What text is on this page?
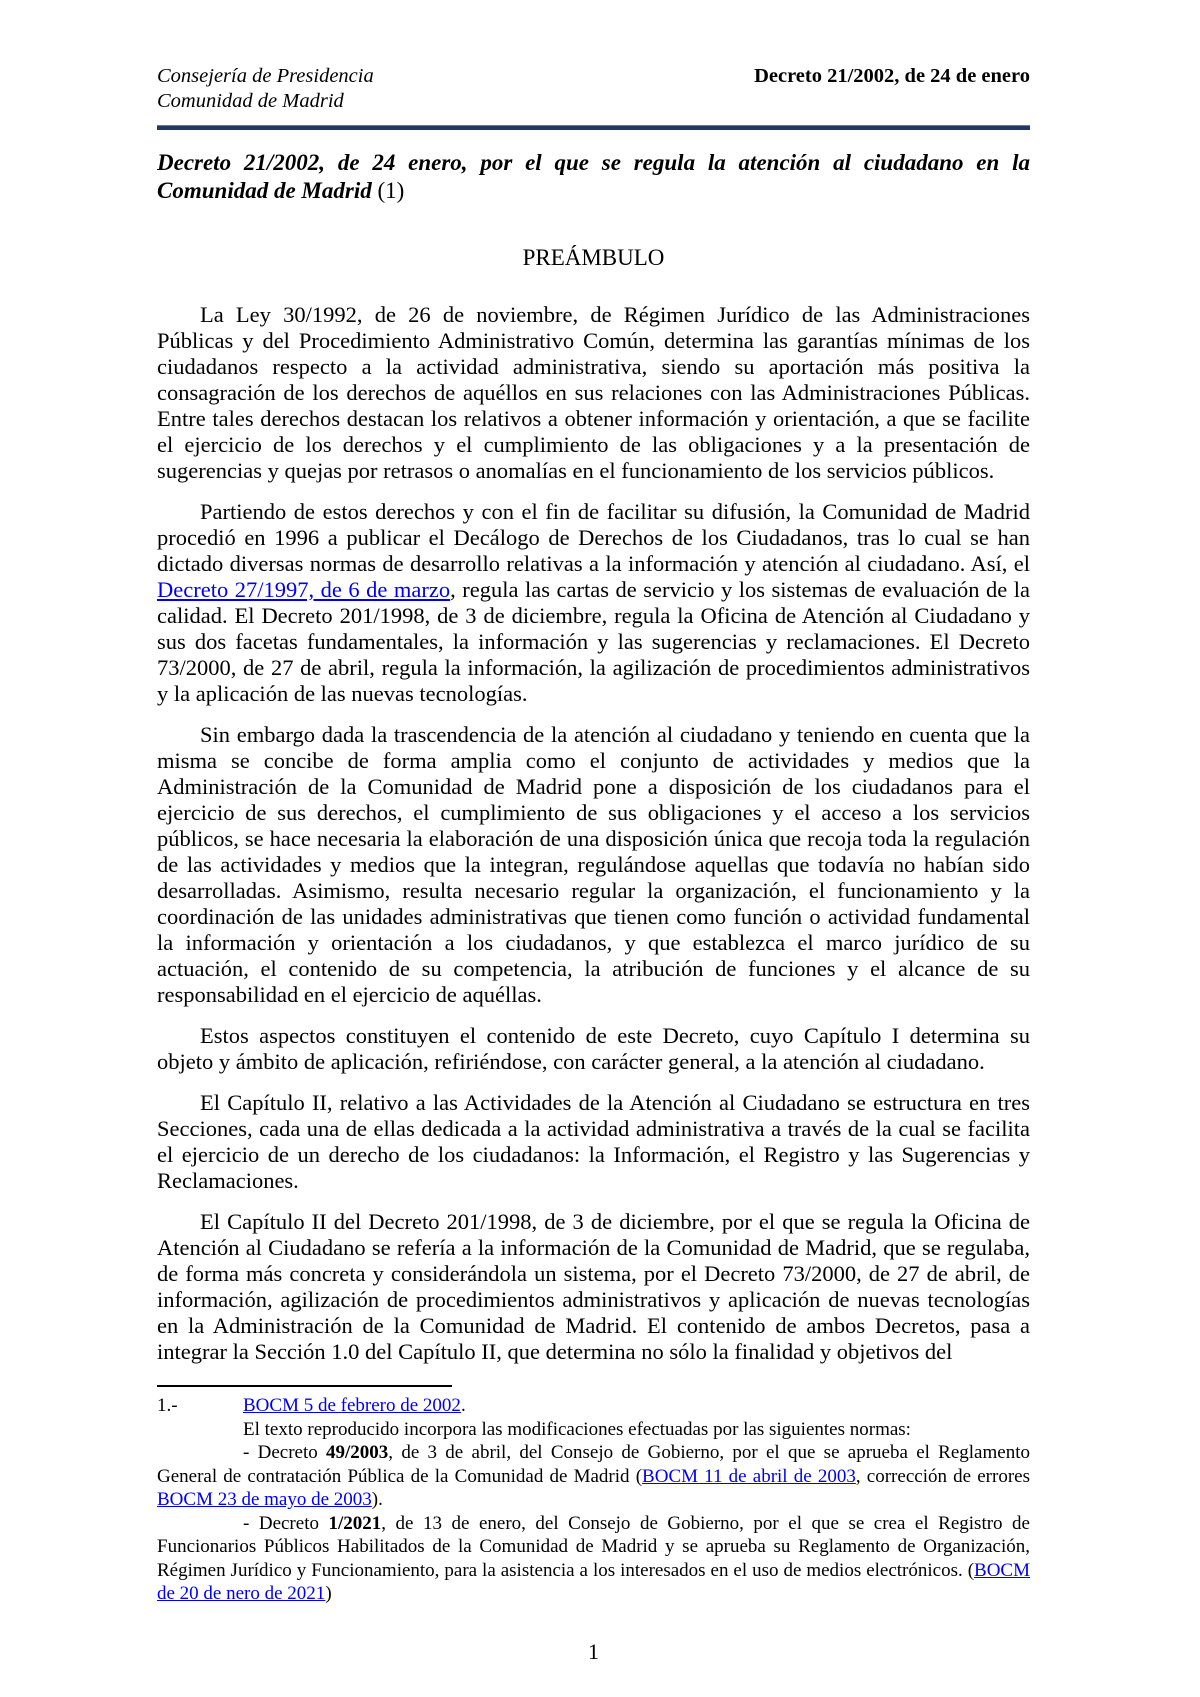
Consejería de Presidencia
Comunidad de Madrid
Decreto 21/2002, de 24 de enero
Decreto 21/2002, de 24 enero, por el que se regula la atención al ciudadano en la Comunidad de Madrid (1)
PREÁMBULO

La Ley 30/1992, de 26 de noviembre, de Régimen Jurídico de las Administraciones Públicas y del Procedimiento Administrativo Común, determina las garantías mínimas de los ciudadanos respecto a la actividad administrativa, siendo su aportación más positiva la consagración de los derechos de aquéllos en sus relaciones con las Administraciones Públicas. Entre tales derechos destacan los relativos a obtener información y orientación, a que se facilite el ejercicio de los derechos y el cumplimiento de las obligaciones y a la presentación de sugerencias y quejas por retrasos o anomalías en el funcionamiento de los servicios públicos.

Partiendo de estos derechos y con el fin de facilitar su difusión, la Comunidad de Madrid procedió en 1996 a publicar el Decálogo de Derechos de los Ciudadanos, tras lo cual se han dictado diversas normas de desarrollo relativas a la información y atención al ciudadano. Así, el Decreto 27/1997, de 6 de marzo, regula las cartas de servicio y los sistemas de evaluación de la calidad. El Decreto 201/1998, de 3 de diciembre, regula la Oficina de Atención al Ciudadano y sus dos facetas fundamentales, la información y las sugerencias y reclamaciones. El Decreto 73/2000, de 27 de abril, regula la información, la agilización de procedimientos administrativos y la aplicación de las nuevas tecnologías.

Sin embargo dada la trascendencia de la atención al ciudadano y teniendo en cuenta que la misma se concibe de forma amplia como el conjunto de actividades y medios que la Administración de la Comunidad de Madrid pone a disposición de los ciudadanos para el ejercicio de sus derechos, el cumplimiento de sus obligaciones y el acceso a los servicios públicos, se hace necesaria la elaboración de una disposición única que recoja toda la regulación de las actividades y medios que la integran, regulándose aquellas que todavía no habían sido desarrolladas. Asimismo, resulta necesario regular la organización, el funcionamiento y la coordinación de las unidades administrativas que tienen como función o actividad fundamental la información y orientación a los ciudadanos, y que establezca el marco jurídico de su actuación, el contenido de su competencia, la atribución de funciones y el alcance de su responsabilidad en el ejercicio de aquéllas.

Estos aspectos constituyen el contenido de este Decreto, cuyo Capítulo I determina su objeto y ámbito de aplicación, refiriéndose, con carácter general, a la atención al ciudadano.

El Capítulo II, relativo a las Actividades de la Atención al Ciudadano se estructura en tres Secciones, cada una de ellas dedicada a la actividad administrativa a través de la cual se facilita el ejercicio de un derecho de los ciudadanos: la Información, el Registro y las Sugerencias y Reclamaciones.

El Capítulo II del Decreto 201/1998, de 3 de diciembre, por el que se regula la Oficina de Atención al Ciudadano se refería a la información de la Comunidad de Madrid, que se regulaba, de forma más concreta y considerándola un sistema, por el Decreto 73/2000, de 27 de abril, de información, agilización de procedimientos administrativos y aplicación de nuevas tecnologías en la Administración de la Comunidad de Madrid. El contenido de ambos Decretos, pasa a integrar la Sección 1.0 del Capítulo II, que determina no sólo la finalidad y objetivos del

1.-	BOCM 5 de febrero de 2002.

El texto reproducido incorpora las modificaciones efectuadas por las siguientes normas:

- Decreto 49/2003, de 3 de abril, del Consejo de Gobierno, por el que se aprueba el Reglamento General de contratación Pública de la Comunidad de Madrid (BOCM 11 de abril de 2003, corrección de errores BOCM 23 de mayo de 2003).

- Decreto 1/2021, de 13 de enero, del Consejo de Gobierno, por el que se crea el Registro de Funcionarios Públicos Habilitados de la Comunidad de Madrid y se aprueba su Reglamento de Organización, Régimen Jurídico y Funcionamiento, para la asistencia a los interesados en el uso de medios electrónicos. (BOCM de 20 de nero de 2021)

1
